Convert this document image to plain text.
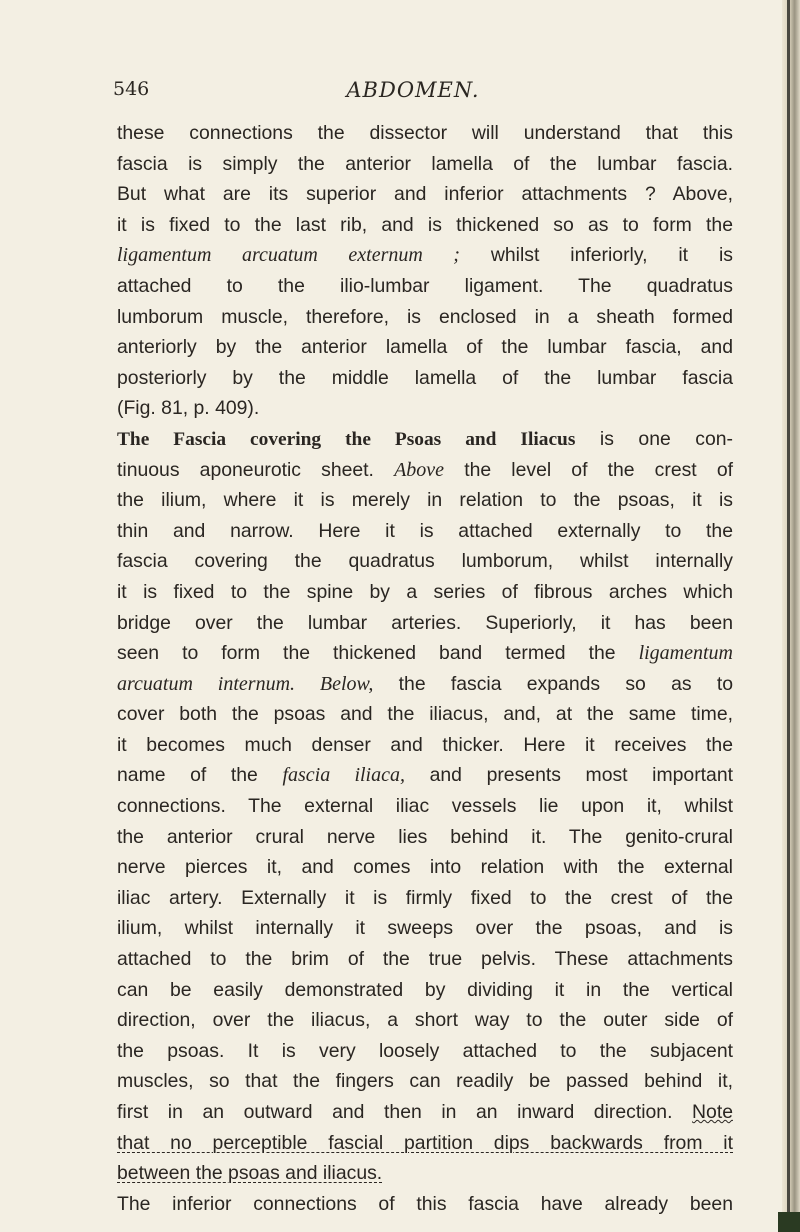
546	ABDOMEN.
these connections the dissector will understand that this
fascia is simply the anterior lamella of the lumbar fascia.
But what are its superior and inferior attachments ? Above,
it is fixed to the last rib, and is thickened so as to form the
ligamentum arcuatum externum ; whilst inferiorly, it is
attached to the ilio-lumbar ligament. The quadratus
lumborum muscle, therefore, is enclosed in a sheath formed
anteriorly by the anterior lamella of the lumbar fascia, and
posteriorly by the middle lamella of the lumbar fascia
(Fig. 81, p. 409).
The Fascia covering the Psoas and Iliacus is one con-
tinuous aponeurotic sheet. Above the level of the crest of
the ilium, where it is merely in relation to the psoas, it is
thin and narrow. Here it is attached externally to the
fascia covering the quadratus lumborum, whilst internally
it is fixed to the spine by a series of fibrous arches which
bridge over the lumbar arteries. Superiorly, it has been
seen to form the thickened band termed the ligamentum
arcuatum internum. Below, the fascia expands so as to
cover both the psoas and the iliacus, and, at the same time,
it becomes much denser and thicker. Here it receives the
name of the fascia iliaca, and presents most important
connections. The external iliac vessels lie upon it, whilst
the anterior crural nerve lies behind it. The genito-crural
nerve pierces it, and comes into relation with the external
iliac artery. Externally it is firmly fixed to the crest of the
ilium, whilst internally it sweeps over the psoas, and is
attached to the brim of the true pelvis. These attachments
can be easily demonstrated by dividing it in the vertical
direction, over the iliacus, a short way to the outer side of
the psoas. It is very loosely attached to the subjacent
muscles, so that the fingers can readily be passed behind it,
first in an outward and then in an inward direction. Note
that no perceptible fascial partition dips backwards from it
between the psoas and iliacus.
The inferior connections of this fascia have already been
